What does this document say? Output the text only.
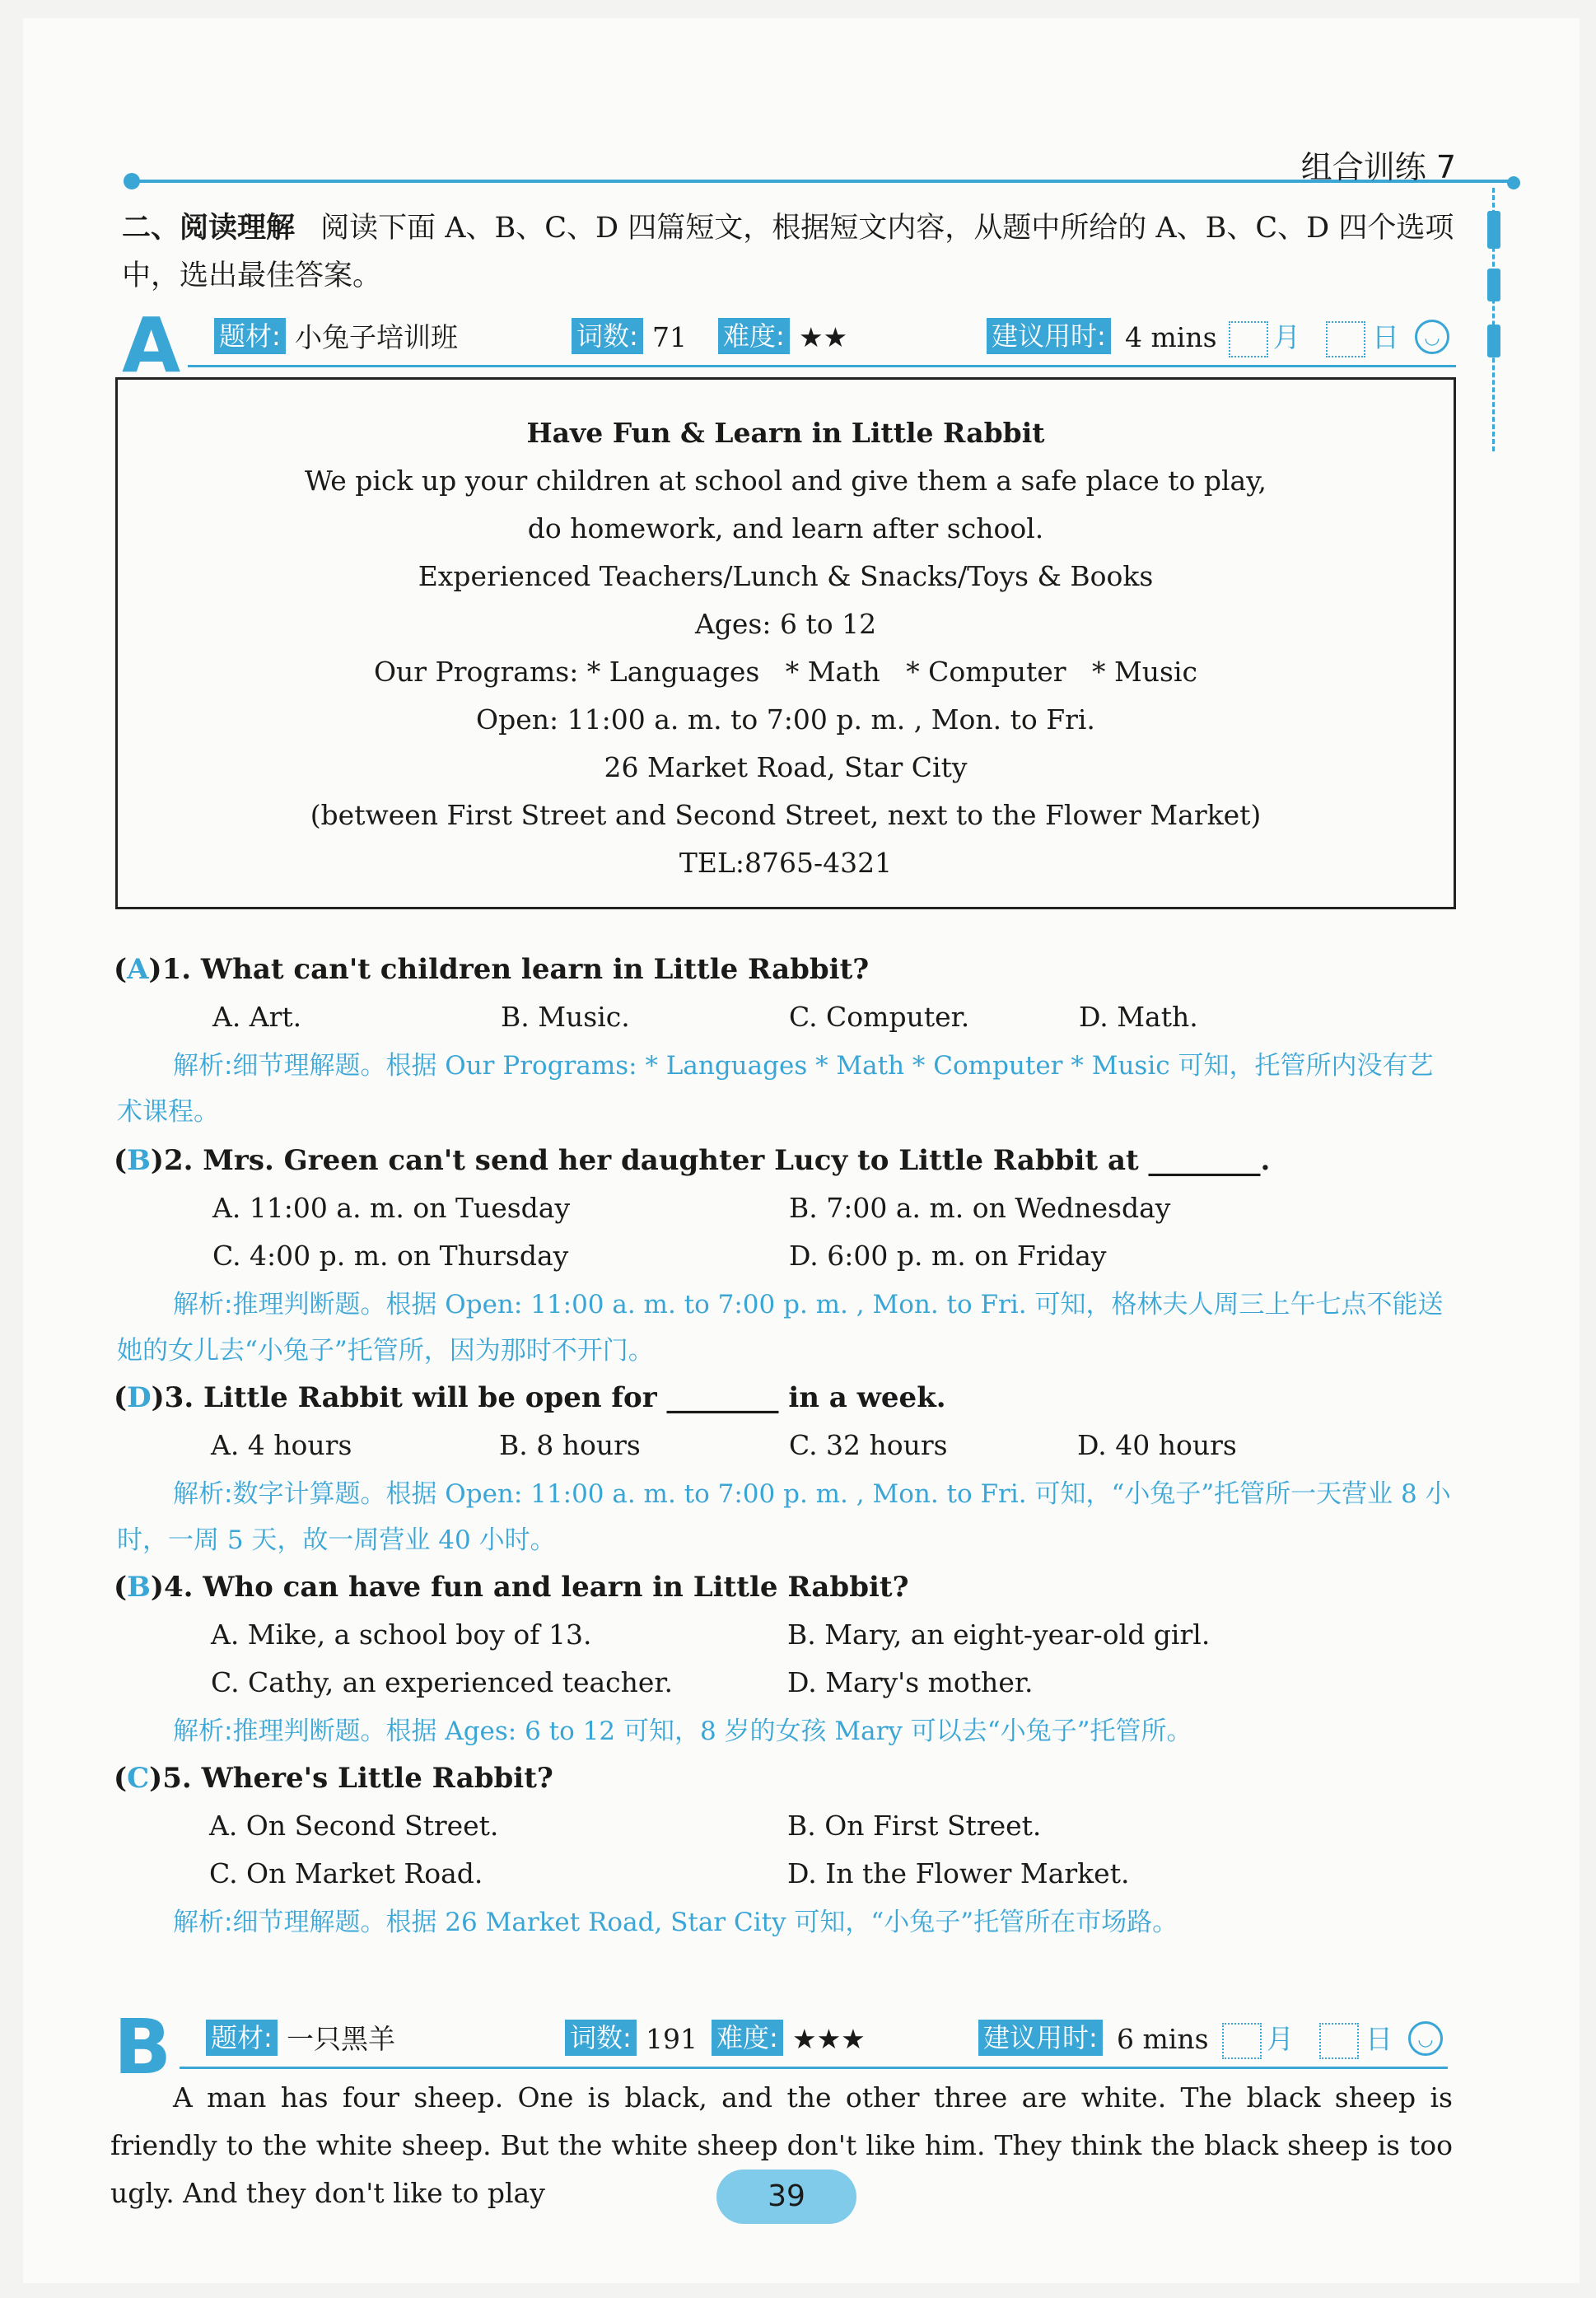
组合训练 7
二、阅读理解 阅读下面 A、B、C、D 四篇短文，根据短文内容，从题中所给的 A、B、C、D 四个选项中，选出最佳答案。
A 题材: 小兔子培训班	词数: 71 难度: ★★	建议用时: 4 mins 月	日	◡
Have Fun & Learn in Little Rabbit
We pick up your children at school and give them a safe place to play,
do homework, and learn after school.
Experienced Teachers/Lunch & Snacks/Toys & Books
Ages: 6 to 12
Our Programs: * Languages   * Math   * Computer   * Music
Open: 11:00 a. m. to 7:00 p. m. , Mon. to Fri.
26 Market Road, Star City
(between First Street and Second Street, next to the Flower Market)
TEL:8765-4321
(A)1. What can't children learn in Little Rabbit?
A. Art.	B. Music.	C. Computer.	D. Math.
解析:细节理解题。根据 Our Programs: * Languages * Math * Computer * Music 可知，托管所内没有艺术课程。
(B)2. Mrs. Green can't send her daughter Lucy to Little Rabbit at ________.
A. 11:00 a. m. on Tuesday	B. 7:00 a. m. on Wednesday
C. 4:00 p. m. on Thursday	D. 6:00 p. m. on Friday
解析:推理判断题。根据 Open: 11:00 a. m. to 7:00 p. m. , Mon. to Fri. 可知，格林夫人周三上午七点不能送她的女儿去“小兔子”托管所，因为那时不开门。
(D)3. Little Rabbit will be open for ________ in a week.
A. 4 hours	B. 8 hours	C. 32 hours	D. 40 hours
解析:数字计算题。根据 Open: 11:00 a. m. to 7:00 p. m. , Mon. to Fri. 可知，“小兔子”托管所一天营业 8 小时，一周 5 天，故一周营业 40 小时。
(B)4. Who can have fun and learn in Little Rabbit?
A. Mike, a school boy of 13.	B. Mary, an eight-year-old girl.
C. Cathy, an experienced teacher.	D. Mary's mother.
解析:推理判断题。根据 Ages: 6 to 12 可知，8 岁的女孩 Mary 可以去“小兔子”托管所。
(C)5. Where's Little Rabbit?
A. On Second Street.	B. On First Street.
C. On Market Road.	D. In the Flower Market.
解析:细节理解题。根据 26 Market Road, Star City 可知，“小兔子”托管所在市场路。
B 题材: 一只黑羊	词数: 191 难度: ★★★	建议用时: 6 mins 月	日	◡
A man has four sheep. One is black, and the other three are white. The black sheep is friendly to the white sheep. But the white sheep don't like him. They think the black sheep is too ugly. And they don't like to play	39
